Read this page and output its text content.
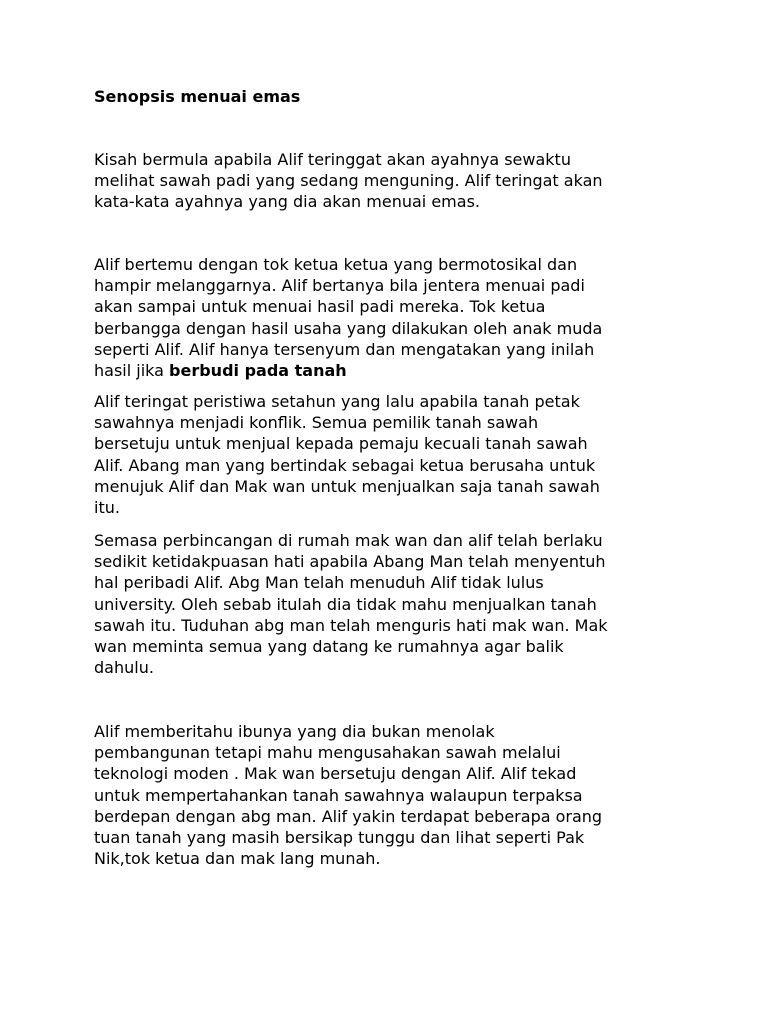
Senopsis menuai emas

Kisah bermula apabila Alif teringgat akan ayahnya sewaktu
melihat sawah padi yang sedang menguning. Alif teringat akan
kata-kata ayahnya yang dia akan menuai emas.

Alif bertemu dengan tok ketua ketua yang bermotosikal dan
hampir melanggarnya. Alif bertanya bila jentera menuai padi
akan sampai untuk menuai hasil padi mereka. Tok ketua
berbangga dengan hasil usaha yang dilakukan oleh anak muda
seperti Alif. Alif hanya tersenyum dan mengatakan yang inilah
hasil jika berbudi pada tanah

Alif teringat peristiwa setahun yang lalu apabila tanah petak
sawahnya menjadi konflik. Semua pemilik tanah sawah
bersetuju untuk menjual kepada pemaju kecuali tanah sawah
Alif. Abang man yang bertindak sebagai ketua berusaha untuk
menujuk Alif dan Mak wan untuk menjualkan saja tanah sawah
itu.

Semasa perbincangan di rumah mak wan dan alif telah berlaku
sedikit ketidakpuasan hati apabila Abang Man telah menyentuh
hal peribadi Alif. Abg Man telah menuduh Alif tidak lulus
university. Oleh sebab itulah dia tidak mahu menjualkan tanah
sawah itu. Tuduhan abg man telah menguris hati mak wan. Mak
wan meminta semua yang datang ke rumahnya agar balik
dahulu.

Alif memberitahu ibunya yang dia bukan menolak
pembangunan tetapi mahu mengusahakan sawah melalui
teknologi moden . Mak wan bersetuju dengan Alif. Alif tekad
untuk mempertahankan tanah sawahnya walaupun terpaksa
berdepan dengan abg man. Alif yakin terdapat beberapa orang
tuan tanah yang masih bersikap tunggu dan lihat seperti Pak
Nik,tok ketua dan mak lang munah.
